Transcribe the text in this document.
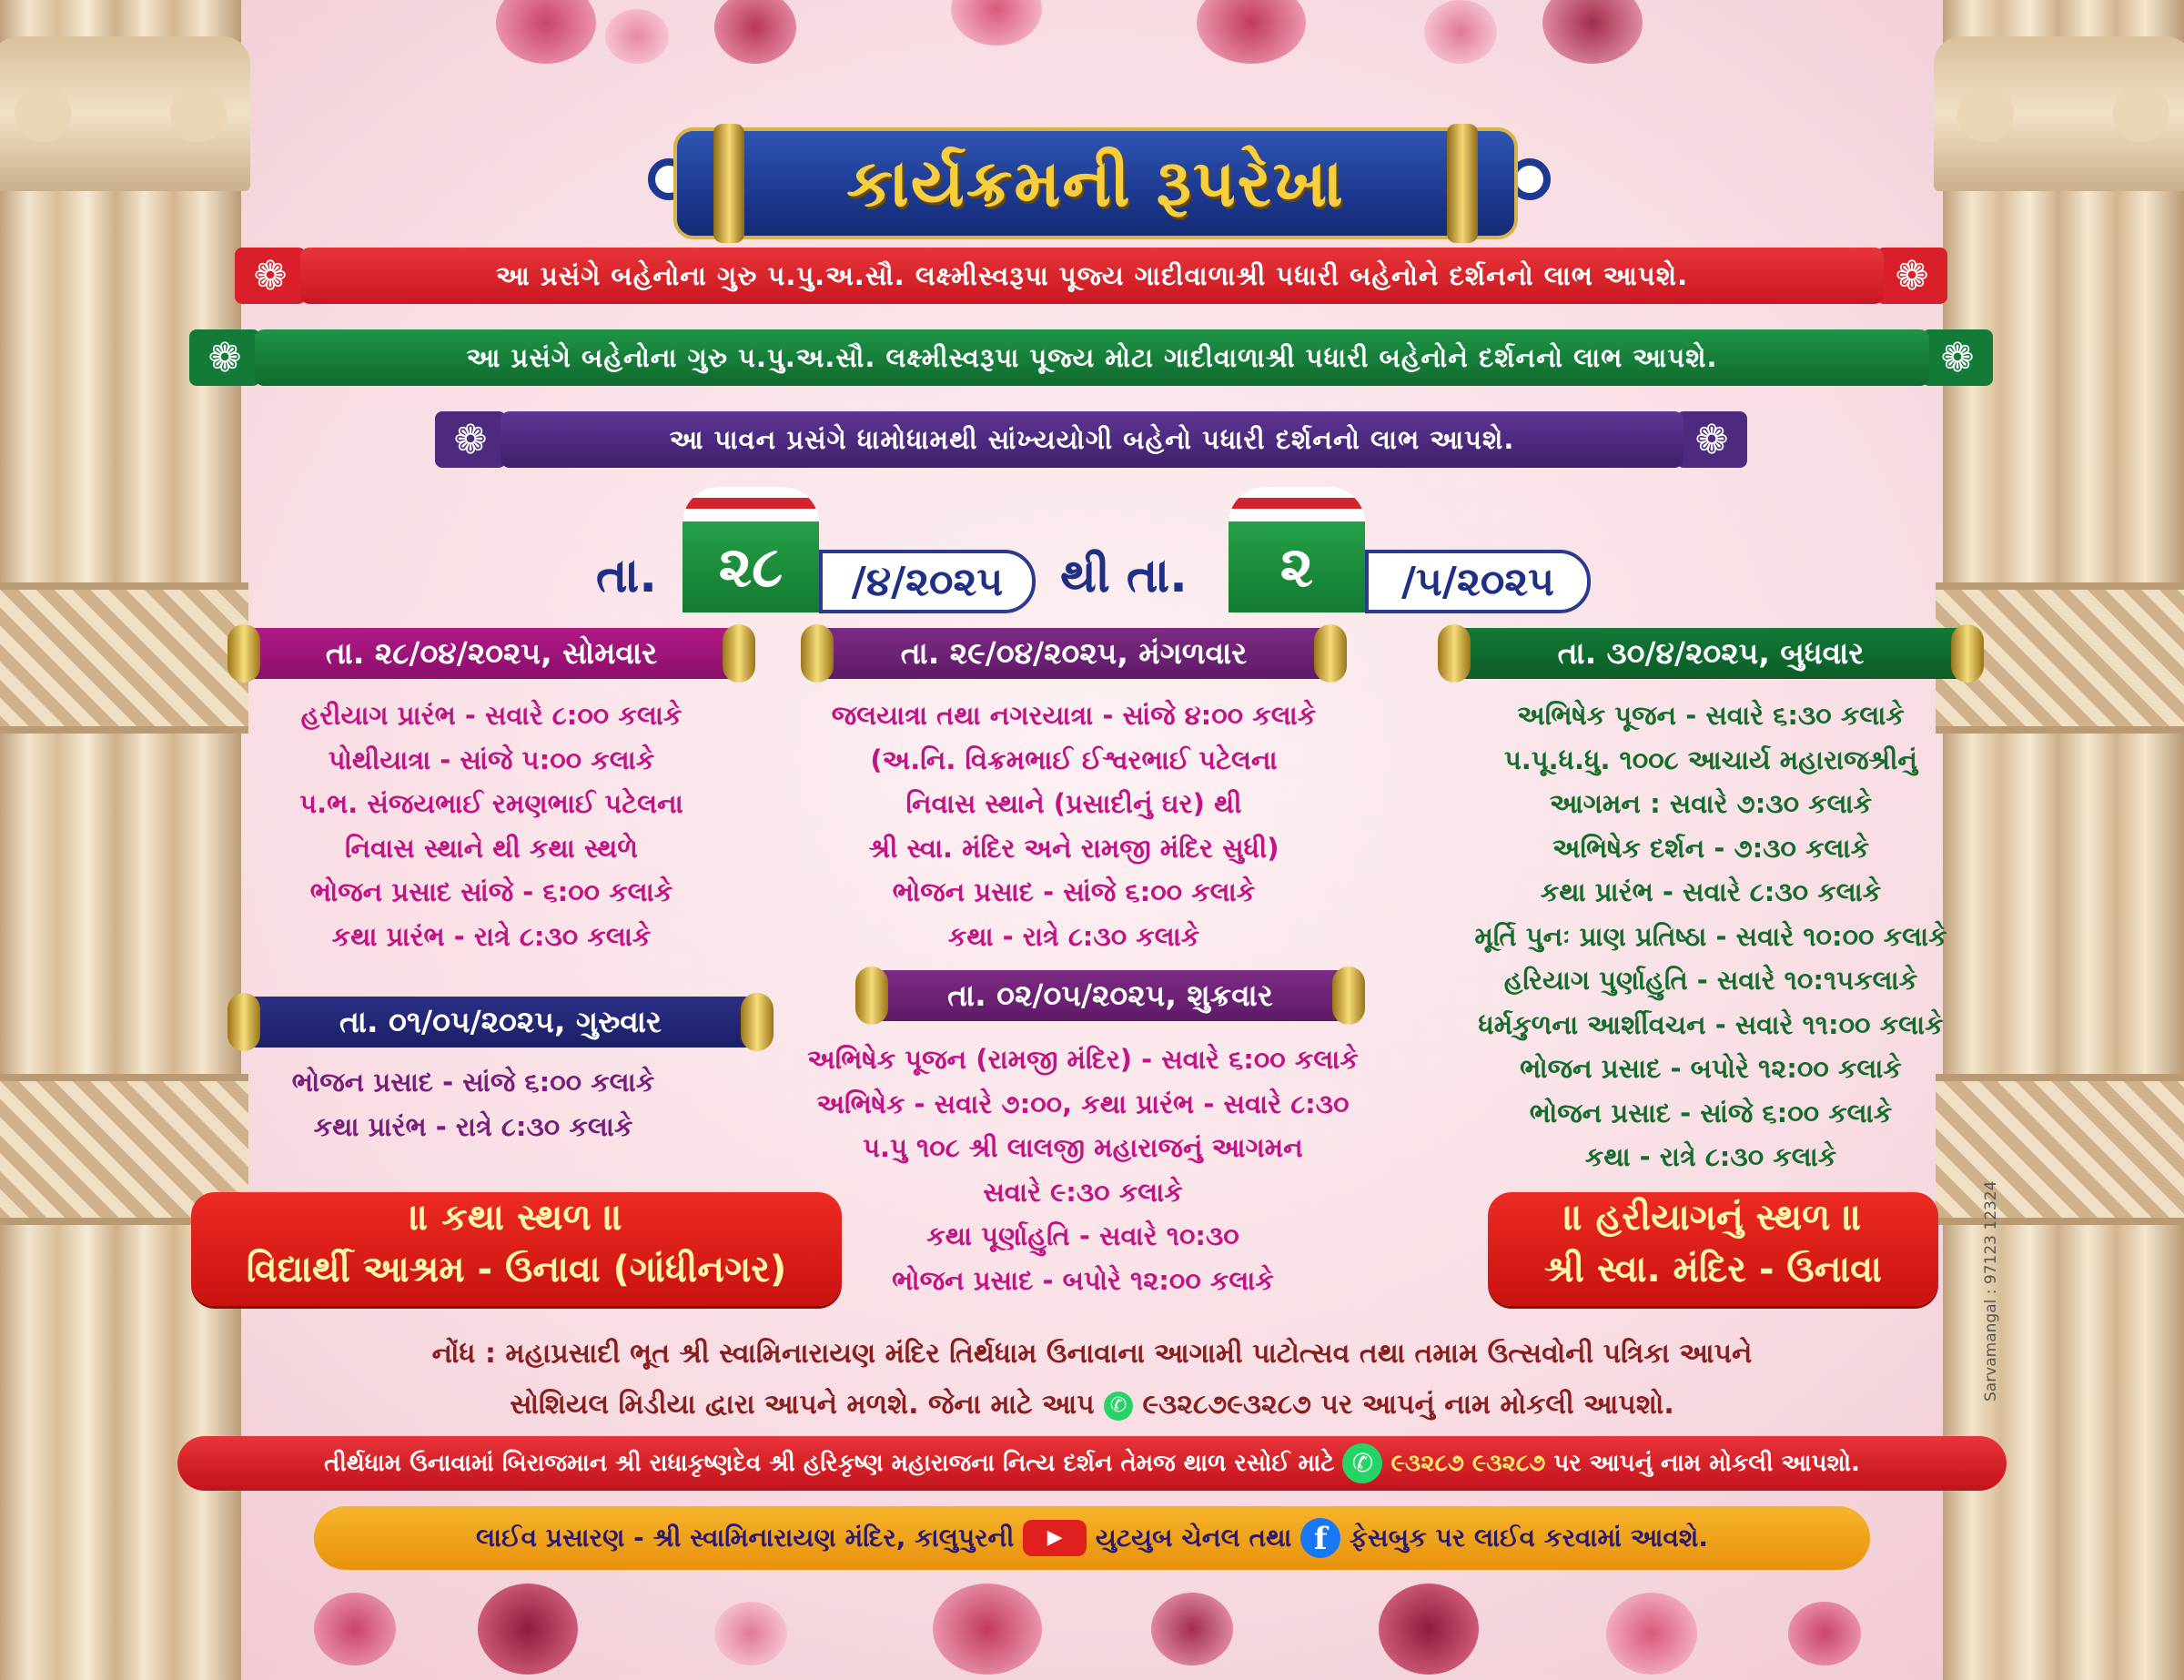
કાર્યક્રમની રૂપરેખા
❁	❁
આ પ્રસંગે બહેનોના ગુરુ પ.પુ.અ.સૌ. લક્ષ્મીસ્વરૂપા પૂજ્ય ગાદીવાળાશ્રી પધારી બહેનોને દર્શનનો લાભ આપશે.
❁	❁
આ પ્રસંગે બહેનોના ગુરુ પ.પુ.અ.સૌ. લક્ષ્મીસ્વરૂપા પૂજ્ય મોટા ગાદીવાળાશ્રી પધારી બહેનોને દર્શનનો લાભ આપશે.
❁	❁
આ પાવન પ્રસંગે ધામોધામથી સાંખ્યયોગી બહેનો પધારી દર્શનનો લાભ આપશે.
તા.	૨૮	/૪/૨૦૨૫	થી તા.	૨	/૫/૨૦૨૫
તા. ૨૮/૦૪/૨૦૨૫, સોમવાર
હરીયાગ પ્રારંભ - સવારે ૮:૦૦ કલાકે
પોથીયાત્રા - સાંજે ૫:૦૦ કલાકે
પ.ભ. સંજયભાઈ રમણભાઈ પટેલના
નિવાસ સ્થાને થી કથા સ્થળે
ભોજન પ્રસાદ સાંજે - ૬:૦૦ કલાકે
કથા પ્રારંભ - રાત્રે ૮:૩૦ કલાકે
તા. ૨૯/૦૪/૨૦૨૫, મંગળવાર
જલયાત્રા તથા નગરયાત્રા - સાંજે ૪:૦૦ કલાકે
(અ.નિ. વિક્રમભાઈ ઈશ્વરભાઈ પટેલના
નિવાસ સ્થાને (પ્રસાદીનું ઘર) થી
શ્રી સ્વા. મંદિર અને રામજી મંદિર સુધી)
ભોજન પ્રસાદ - સાંજે ૬:૦૦ કલાકે
કથા - રાત્રે ૮:૩૦ કલાકે
તા. ૩૦/૪/૨૦૨૫, બુધવાર
અભિષેક પૂજન - સવારે ૬:૩૦ કલાકે
પ.પૂ.ધ.ધુ. ૧૦૦૮ આચાર્ય મહારાજશ્રીનું
આગમન : સવારે ૭:૩૦ કલાકે
અભિષેક દર્શન - ૭:૩૦ કલાકે
કથા પ્રારંભ - સવારે ૮:૩૦ કલાકે
મૂર્તિ પુનઃ પ્રાણ પ્રતિષ્ઠા - સવારે ૧૦:૦૦ કલાકે
હરિયાગ પુર્ણાહુતિ - સવારે ૧૦:૧૫કલાકે
ધર્મકુળના આર્શીવચન - સવારે ૧૧:૦૦ કલાકે
ભોજન પ્રસાદ - બપોરે ૧૨:૦૦ કલાકે
ભોજન પ્રસાદ - સાંજે ૬:૦૦ કલાકે
કથા - રાત્રે ૮:૩૦ કલાકે
તા. ૦૧/૦૫/૨૦૨૫, ગુરુવાર
ભોજન પ્રસાદ - સાંજે ૬:૦૦ કલાકે
કથા પ્રારંભ - રાત્રે ૮:૩૦ કલાકે
તા. ૦૨/૦૫/૨૦૨૫, શુક્રવાર
અભિષેક પૂજન (રામજી મંદિર) - સવારે ૬:૦૦ કલાકે
અભિષેક - સવારે ૭:૦૦, કથા પ્રારંભ - સવારે ૮:૩૦
પ.પુ ૧૦૮ શ્રી લાલજી મહારાજનું આગમન
સવારે ૯:૩૦ કલાકે
કથા પૂર્ણાહુતિ - સવારે ૧૦:૩૦
ભોજન પ્રસાદ - બપોરે ૧૨:૦૦ કલાકે
॥ કથા સ્થળ ॥
વિદ્યાર્થી આશ્રમ - ઉનાવા (ગાંધીનગર)
॥ હરીયાગનું સ્થળ ॥
શ્રી સ્વા. મંદિર - ઉનાવા
નોંધ : મહાપ્રસાદી ભૂત શ્રી સ્વામિનારાયણ મંદિર તિર્થધામ ઉનાવાના આગામી પાટોત્સવ તથા તમામ ઉત્સવોની પત્રિકા આપને
સોશિયલ મિડીયા દ્વારા આપને મળશે. જેના માટે આપ ✆ ૯૩૨૮૭૯૩૨૮૭ પર આપનું નામ મોકલી આપશો.
તીર્થધામ ઉનાવામાં બિરાજમાન શ્રી રાધાકૃષ્ણદેવ શ્રી હરિકૃષ્ણ મહારાજના નિત્ય દર્શન તેમજ થાળ રસોઈ માટે
✆
૯૩૨૮૭ ૯૩૨૮૭
પર આપનું નામ મોકલી આપશો.
લાઈવ પ્રસારણ - શ્રી સ્વામિનારાયણ મંદિર, કાલુપુરની
	▶
	યુટયુબ ચેનલ તથા
f
ફેસબુક પર લાઈવ કરવામાં આવશે.
Sarvamangal : 97123 12324
